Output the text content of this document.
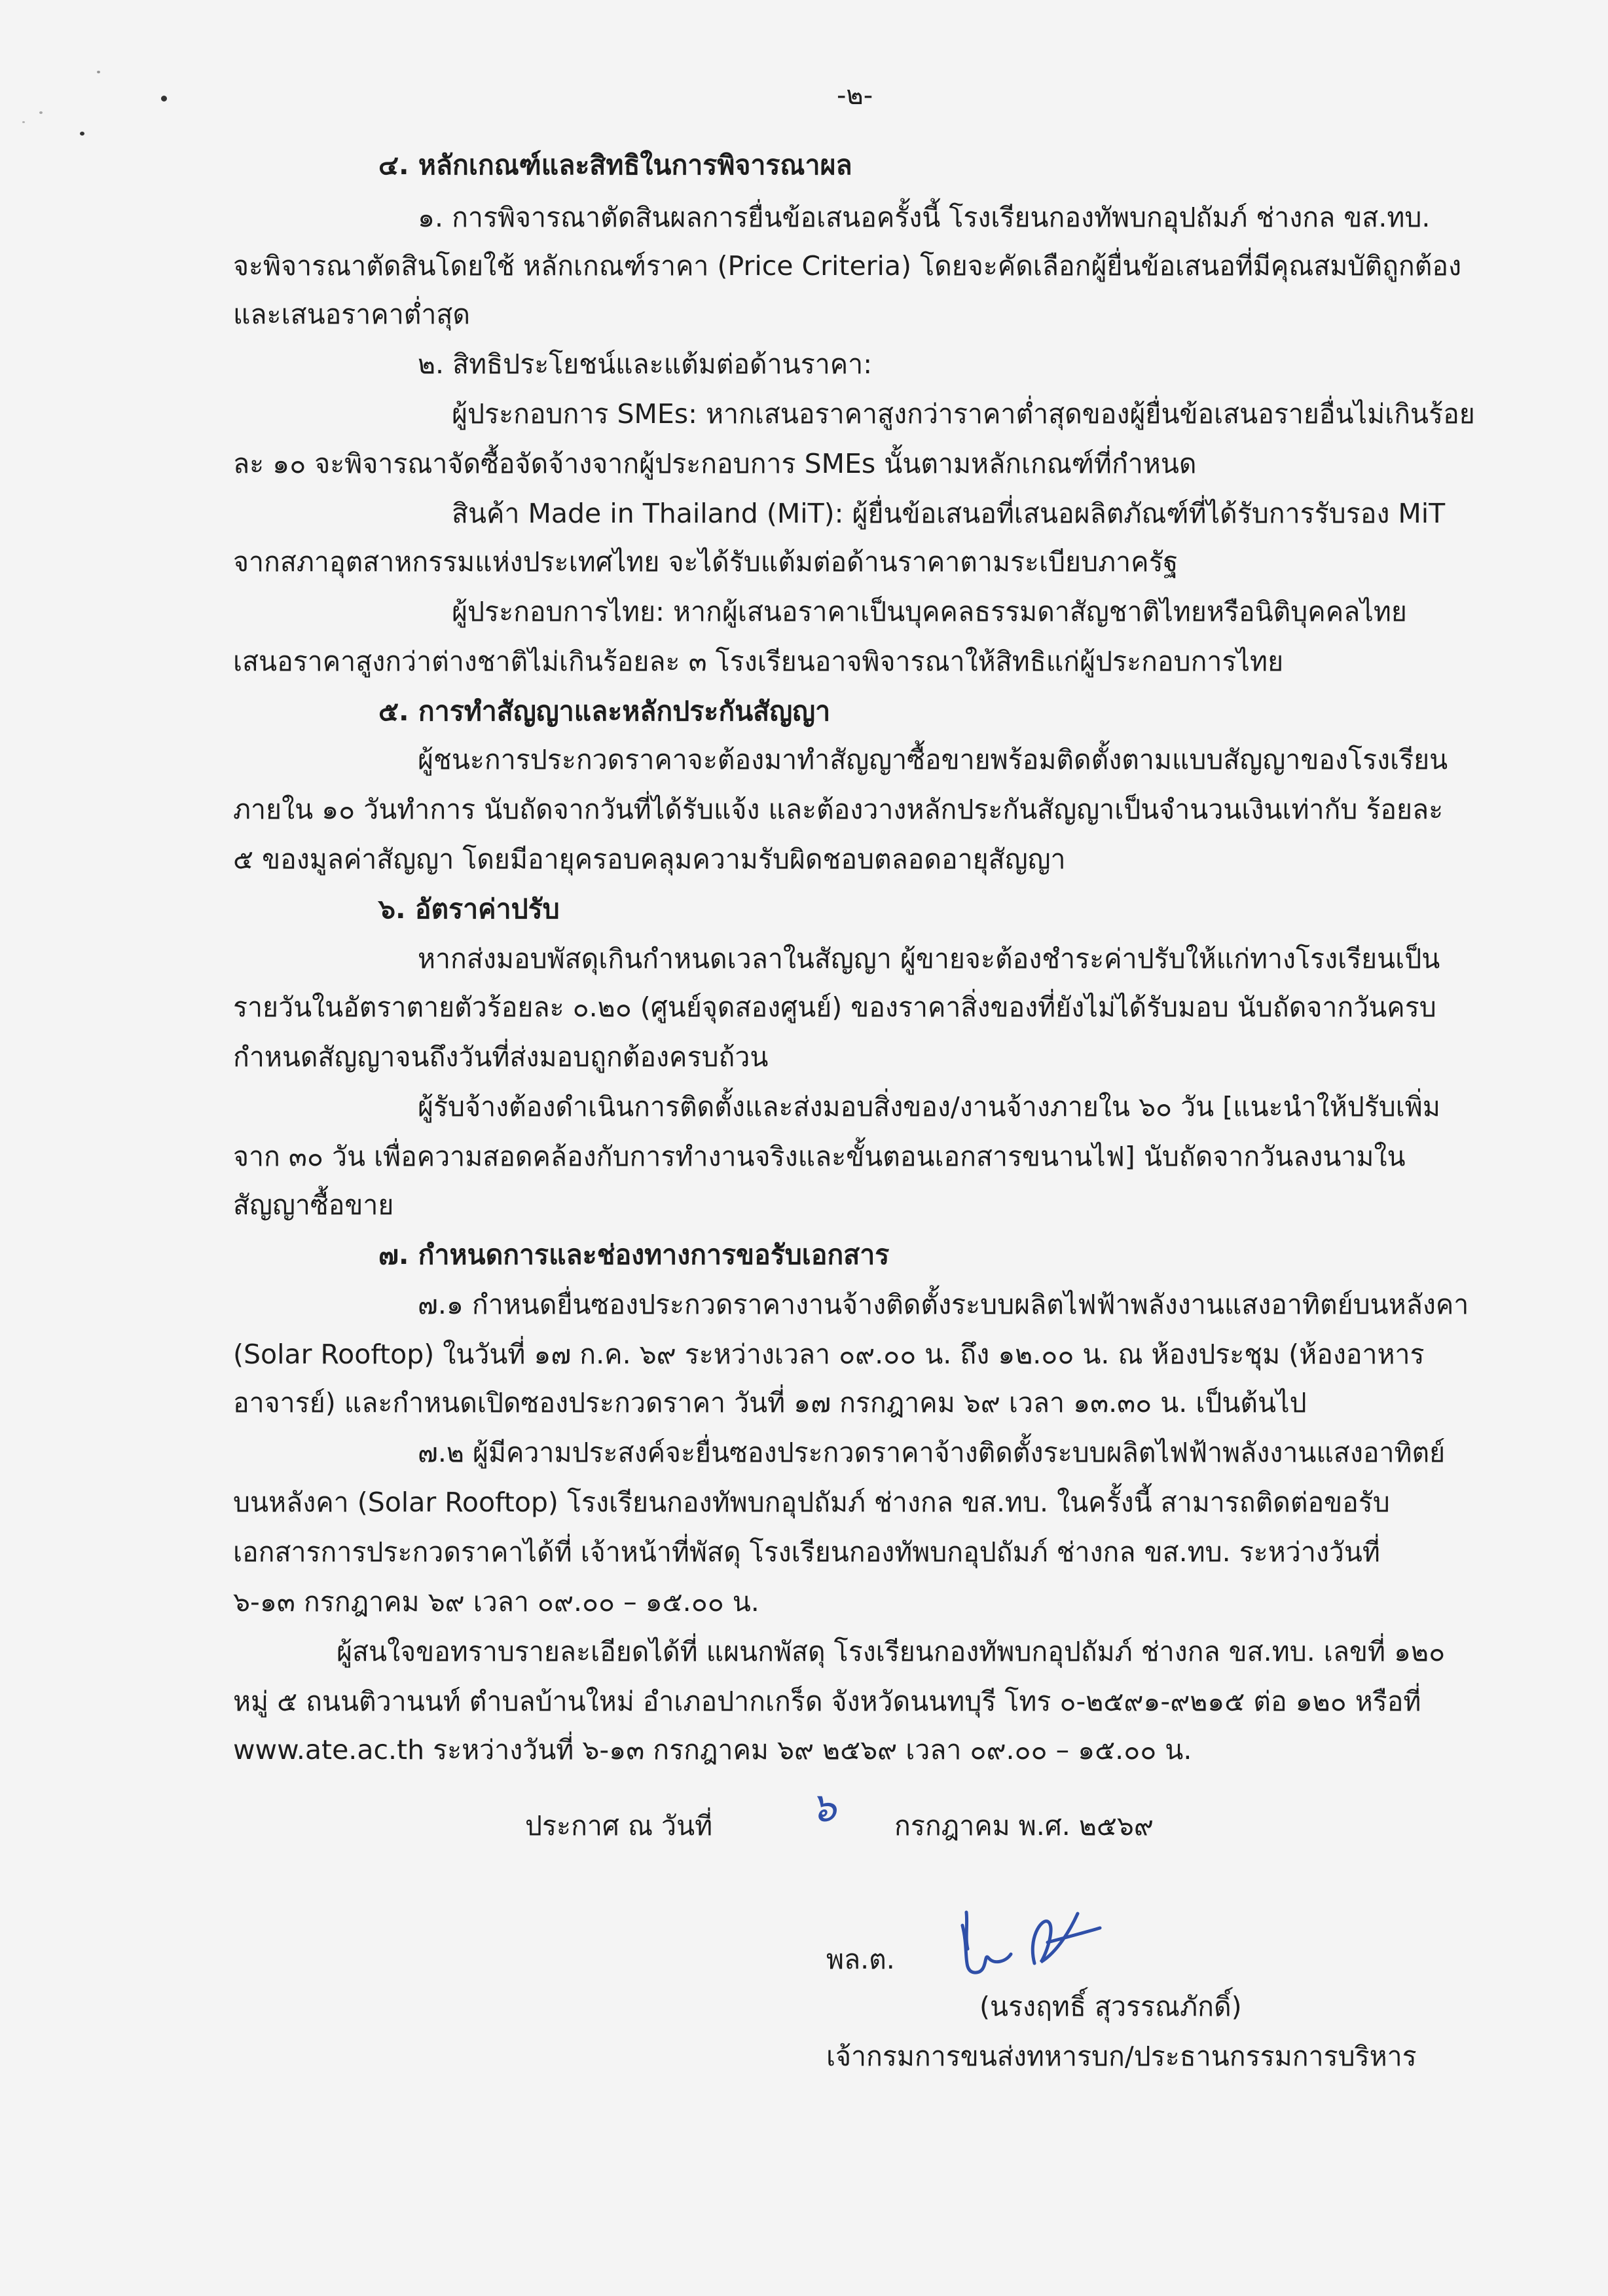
-๒-

๔. หลักเกณฑ์และสิทธิในการพิจารณาผล

๑. การพิจารณาตัดสินผลการยื่นข้อเสนอครั้งนี้ โรงเรียนกองทัพบกอุปถัมภ์ ช่างกล ขส.ทบ.

จะพิจารณาตัดสินโดยใช้ หลักเกณฑ์ราคา (Price Criteria) โดยจะคัดเลือกผู้ยื่นข้อเสนอที่มีคุณสมบัติถูกต้อง

และเสนอราคาต่ำสุด

๒. สิทธิประโยชน์และแต้มต่อด้านราคา:

ผู้ประกอบการ SMEs: หากเสนอราคาสูงกว่าราคาต่ำสุดของผู้ยื่นข้อเสนอรายอื่นไม่เกินร้อย

ละ ๑๐ จะพิจารณาจัดซื้อจัดจ้างจากผู้ประกอบการ SMEs นั้นตามหลักเกณฑ์ที่กำหนด

สินค้า Made in Thailand (MiT): ผู้ยื่นข้อเสนอที่เสนอผลิตภัณฑ์ที่ได้รับการรับรอง MiT

จากสภาอุตสาหกรรมแห่งประเทศไทย จะได้รับแต้มต่อด้านราคาตามระเบียบภาครัฐ

ผู้ประกอบการไทย: หากผู้เสนอราคาเป็นบุคคลธรรมดาสัญชาติไทยหรือนิติบุคคลไทย

เสนอราคาสูงกว่าต่างชาติไม่เกินร้อยละ ๓ โรงเรียนอาจพิจารณาให้สิทธิแก่ผู้ประกอบการไทย

๕. การทำสัญญาและหลักประกันสัญญา

ผู้ชนะการประกวดราคาจะต้องมาทำสัญญาซื้อขายพร้อมติดตั้งตามแบบสัญญาของโรงเรียน

ภายใน ๑๐ วันทำการ นับถัดจากวันที่ได้รับแจ้ง และต้องวางหลักประกันสัญญาเป็นจำนวนเงินเท่ากับ ร้อยละ

๕ ของมูลค่าสัญญา โดยมีอายุครอบคลุมความรับผิดชอบตลอดอายุสัญญา

๖. อัตราค่าปรับ

หากส่งมอบพัสดุเกินกำหนดเวลาในสัญญา ผู้ขายจะต้องชำระค่าปรับให้แก่ทางโรงเรียนเป็น

รายวันในอัตราตายตัวร้อยละ ๐.๒๐ (ศูนย์จุดสองศูนย์) ของราคาสิ่งของที่ยังไม่ได้รับมอบ นับถัดจากวันครบ

กำหนดสัญญาจนถึงวันที่ส่งมอบถูกต้องครบถ้วน

ผู้รับจ้างต้องดำเนินการติดตั้งและส่งมอบสิ่งของ/งานจ้างภายใน ๖๐ วัน [แนะนำให้ปรับเพิ่ม

จาก ๓๐ วัน เพื่อความสอดคล้องกับการทำงานจริงและขั้นตอนเอกสารขนานไฟ] นับถัดจากวันลงนามใน

สัญญาซื้อขาย

๗. กำหนดการและช่องทางการขอรับเอกสาร

๗.๑ กำหนดยื่นซองประกวดราคางานจ้างติดตั้งระบบผลิตไฟฟ้าพลังงานแสงอาทิตย์บนหลังคา

(Solar Rooftop) ในวันที่ ๑๗ ก.ค. ๖๙ ระหว่างเวลา ๐๙.๐๐ น. ถึง ๑๒.๐๐ น. ณ ห้องประชุม (ห้องอาหาร

อาจารย์) และกำหนดเปิดซองประกวดราคา วันที่ ๑๗ กรกฎาคม ๖๙ เวลา ๑๓.๓๐ น. เป็นต้นไป

๗.๒ ผู้มีความประสงค์จะยื่นซองประกวดราคาจ้างติดตั้งระบบผลิตไฟฟ้าพลังงานแสงอาทิตย์

บนหลังคา (Solar Rooftop) โรงเรียนกองทัพบกอุปถัมภ์ ช่างกล ขส.ทบ. ในครั้งนี้ สามารถติดต่อขอรับ

เอกสารการประกวดราคาได้ที่ เจ้าหน้าที่พัสดุ โรงเรียนกองทัพบกอุปถัมภ์ ช่างกล ขส.ทบ. ระหว่างวันที่

๖-๑๓ กรกฎาคม ๖๙ เวลา ๐๙.๐๐ – ๑๕.๐๐ น.

ผู้สนใจขอทราบรายละเอียดได้ที่ แผนกพัสดุ โรงเรียนกองทัพบกอุปถัมภ์ ช่างกล ขส.ทบ. เลขที่ ๑๒๐

หมู่ ๕ ถนนติวานนท์ ตำบลบ้านใหม่ อำเภอปากเกร็ด จังหวัดนนทบุรี โทร ๐-๒๕๙๑-๙๒๑๕ ต่อ ๑๒๐ หรือที่

www.ate.ac.th ระหว่างวันที่ ๖-๑๓ กรกฎาคม ๖๙ ๒๕๖๙ เวลา ๐๙.๐๐ – ๑๕.๐๐ น.

ประกาศ ณ วันที่ ๖ กรกฎาคม พ.ศ. ๒๕๖๙

พล.ต.

(นรงฤทธิ์ สุวรรณภักดิ์)

เจ้ากรมการขนส่งทหารบก/ประธานกรรมการบริหาร
